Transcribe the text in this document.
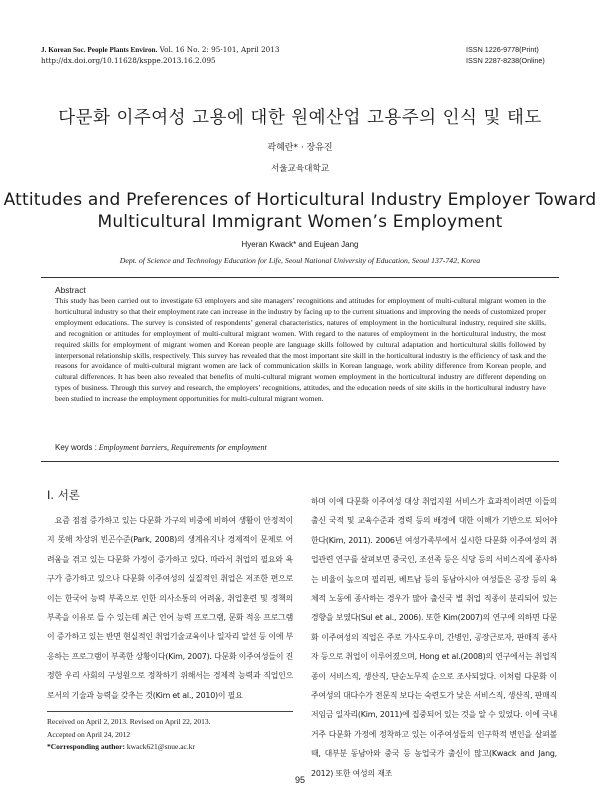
J. Korean Soc. People Plants Environ. Vol. 16 No. 2: 95-101, April 2013
http://dx.doi.org/10.11628/ksppe.2013.16.2.095
ISSN 1226-9778(Print)
ISSN 2287-8238(Online)
다문화 이주여성 고용에 대한 원예산업 고용주의 인식 및 태도
곽혜란* · 장유진
서울교육대학교
Attitudes and Preferences of Horticultural Industry Employer Toward
Multicultural Immigrant Women’s Employment
Hyeran Kwack* and Eujean Jang
Dept. of Science and Technology Education for Life, Seoul National University of Education, Seoul 137-742, Korea
Abstract
This study has been carried out to investigate 63 employers and site managers’ recognitions and attitudes for employment of multi-cultural migrant women in the horticultural industry so that their employment rate can increase in the industry by facing up to the current situations and improving the needs of customized proper employment educations. The survey is consisted of respondents’ general characteristics, natures of employment in the horticultural industry, required site skills, and recognition or attitudes for employment of multi-cultural migrant women. With regard to the natures of employment in the horticultural industry, the most required skills for employment of migrant women and Korean people are language skills followed by cultural adaptation and horticultural skills followed by interpersonal relationship skills, respectively. This survey has revealed that the most important site skill in the horticultural industry is the efficiency of task and the reasons for avoidance of multi-cultural migrant women are lack of communication skills in Korean language, work ability difference from Korean people, and cultural differences. It has been also revealed that benefits of multi-cultural migrant women employment in the horticultural industry are different depending on types of business. Through this survey and research, the employers’ recognitions, attitudes, and the education needs of site skills in the horticultural industry have been studied to increase the employment opportunities for multi-cultural migrant women.
Key words : Employment barriers, Requirements for employment
Ⅰ. 서론
요즘 점점 증가하고 있는 다문화 가구의 비중에 비하여 생활이 안정적이지 못해 차상위 빈곤수준(Park, 2008)의 생계유지나 경제적이 문제로 어려움을 겪고 있는 다문화 가정이 증가하고 있다. 따라서 취업의 필요와 욕구가 증가하고 있으나 다문화 이주여성의 실질적인 취업은 저조한 편으로 이는 한국어 능력 부족으로 인한 의사소통의 어려움, 취업훈련 및 정책의 부족을 이유로 들 수 있는데 최근 언어 능력 프로그램, 문화 적응 프로그램이 증가하고 있는 반면 현실적인 취업기술교육이나 일자리 알선 등 이에 부응하는 프로그램이 부족한 상황이다(Kim, 2007). 다문화 이주여성들이 진정한 우리 사회의 구성원으로 정착하기 위해서는 경제적 능력과 직업인으로서의 기술과 능력을 갖추는 것(Kim et al., 2010)이 필요
하며 이에 다문화 이주여성 대상 취업지원 서비스가 효과적이려면 이들의 출신 국적 및 교육수준과 경력 등의 배경에 대한 이해가 기반으로 되어야 한다(Kim, 2011). 2006년 여성가족부에서 실시한 다문화 이주여성의 취업관련 연구를 살펴보면 중국인, 조선족 등은 식당 등의 서비스직에 종사하는 비율이 높으며 필리핀, 베트남 등의 동남아시아 여성들은 공장 등의 육체적 노동에 종사하는 경우가 많아 출신국 별 취업 직종이 분리되어 있는 경향을 보였다(Sul et al., 2006). 또한 Kim(2007)의 연구에 의하면 다문화 이주여성의 직업은 주로 가사도우미, 간병인, 공장근로자, 판매직 종사자 등으로 취업이 이루어졌으며, Hong et al.(2008)의 연구에서는 취업직종이 서비스직, 생산직, 단순노무직 순으로 조사되었다. 이처럼 다문화 이주여성의 대다수가 전문직 보다는 숙련도가 낮은 서비스직, 생산직, 판매직 저임금 일자리(Kim, 2011)에 집중되어 있는 것을 알 수 있었다. 이에 국내 거주 다문화 가정에 정착하고 있는 이주여성들의 인구학적 변인을 살펴볼 때, 대부분 동남아와 중국 등 농업국가 출신이 많고(Kwack and Jang, 2012) 또한 여성의 재조
Received on April 2, 2013. Revised on April 22, 2013.
Accepted on April 24, 2012
*Corresponding author: kwack621@snue.ac.kr
95
